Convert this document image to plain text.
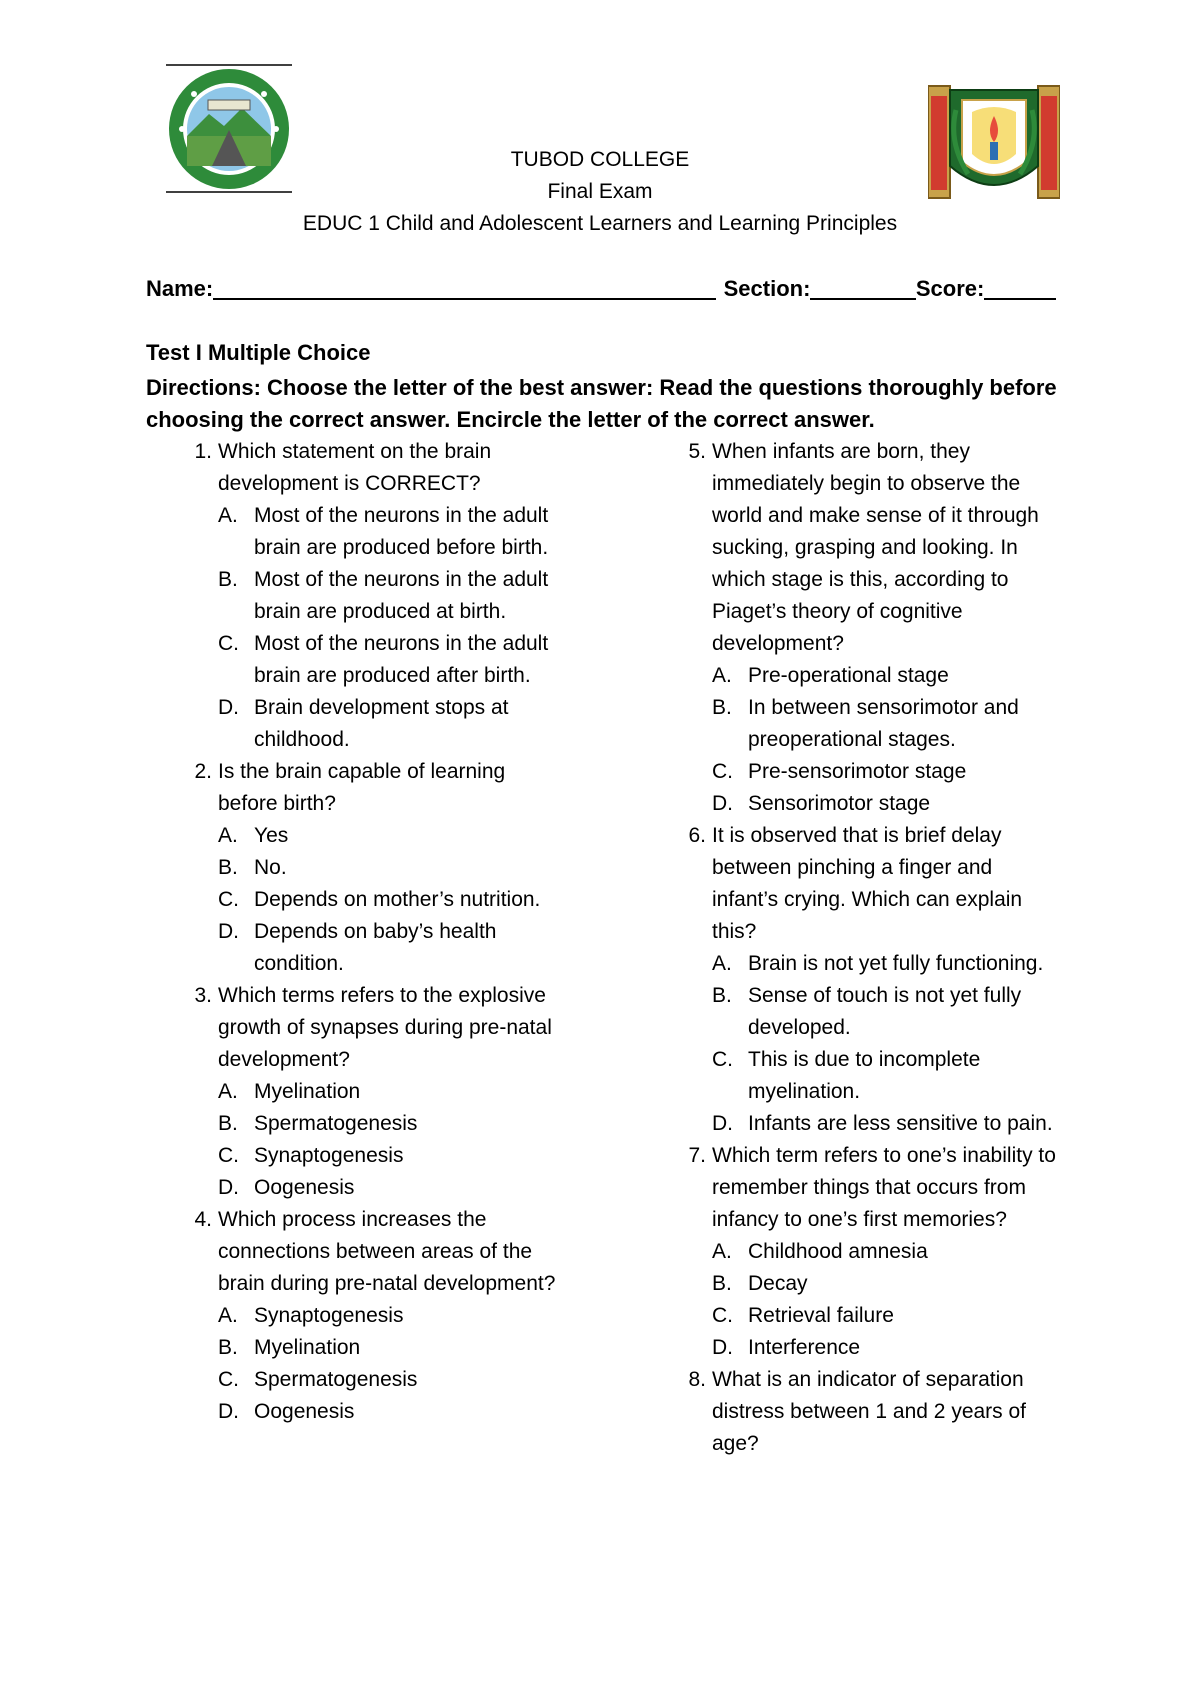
TUBOD COLLEGE
Final Exam
EDUC 1 Child and Adolescent Learners and Learning Principles
Name:	Section:	Score:
Test I Multiple Choice
Directions: Choose the letter of the best answer: Read the questions thoroughly before choosing the correct answer. Encircle the letter of the correct answer.
1. Which statement on the brain development is CORRECT?
A. Most of the neurons in the adult brain are produced before birth.
B. Most of the neurons in the adult brain are produced at birth.
C. Most of the neurons in the adult brain are produced after birth.
D. Brain development stops at childhood.
2. Is the brain capable of learning before birth?
A. Yes
B. No.
C. Depends on mother’s nutrition.
D. Depends on baby’s health condition.
3. Which terms refers to the explosive growth of synapses during pre-natal development?
A. Myelination
B. Spermatogenesis
C. Synaptogenesis
D. Oogenesis
4. Which process increases the connections between areas of the brain during pre-natal development?
A. Synaptogenesis
B. Myelination
C. Spermatogenesis
D. Oogenesis
5. When infants are born, they immediately begin to observe the world and make sense of it through sucking, grasping and looking. In which stage is this, according to Piaget’s theory of cognitive development?
A. Pre-operational stage
B. In between sensorimotor and preoperational stages.
C. Pre-sensorimotor stage
D. Sensorimotor stage
6. It is observed that is brief delay between pinching a finger and infant’s crying. Which can explain this?
A. Brain is not yet fully functioning.
B. Sense of touch is not yet fully developed.
C. This is due to incomplete myelination.
D. Infants are less sensitive to pain.
7. Which term refers to one’s inability to remember things that occurs from infancy to one’s first memories?
A. Childhood amnesia
B. Decay
C. Retrieval failure
D. Interference
8. What is an indicator of separation distress between 1 and 2 years of age?
